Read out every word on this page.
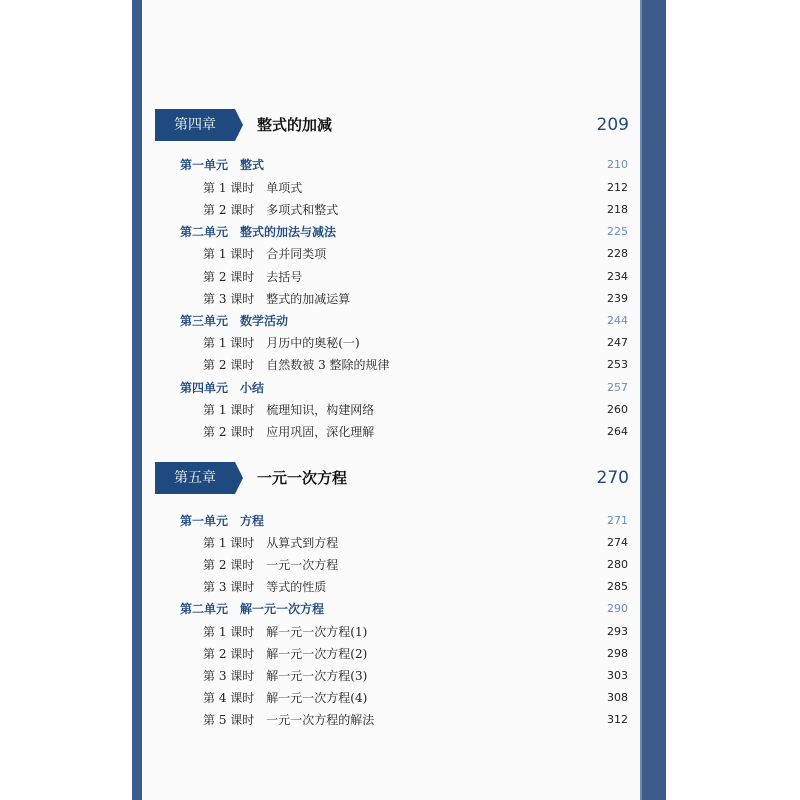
第四章	整式的加减	209
第一单元　整式	210
第 1 课时　单项式	212
第 2 课时　多项式和整式	218
第二单元　整式的加法与减法	225
第 1 课时　合并同类项	228
第 2 课时　去括号	234
第 3 课时　整式的加减运算	239
第三单元　数学活动	244
第 1 课时　月历中的奥秘(一)	247
第 2 课时　自然数被 3 整除的规律	253
第四单元　小结	257
第 1 课时　梳理知识，构建网络	260
第 2 课时　应用巩固，深化理解	264
第五章	一元一次方程	270
第一单元　方程	271
第 1 课时　从算式到方程	274
第 2 课时　一元一次方程	280
第 3 课时　等式的性质	285
第二单元　解一元一次方程	290
第 1 课时　解一元一次方程(1)	293
第 2 课时　解一元一次方程(2)	298
第 3 课时　解一元一次方程(3)	303
第 4 课时　解一元一次方程(4)	308
第 5 课时　一元一次方程的解法	312
